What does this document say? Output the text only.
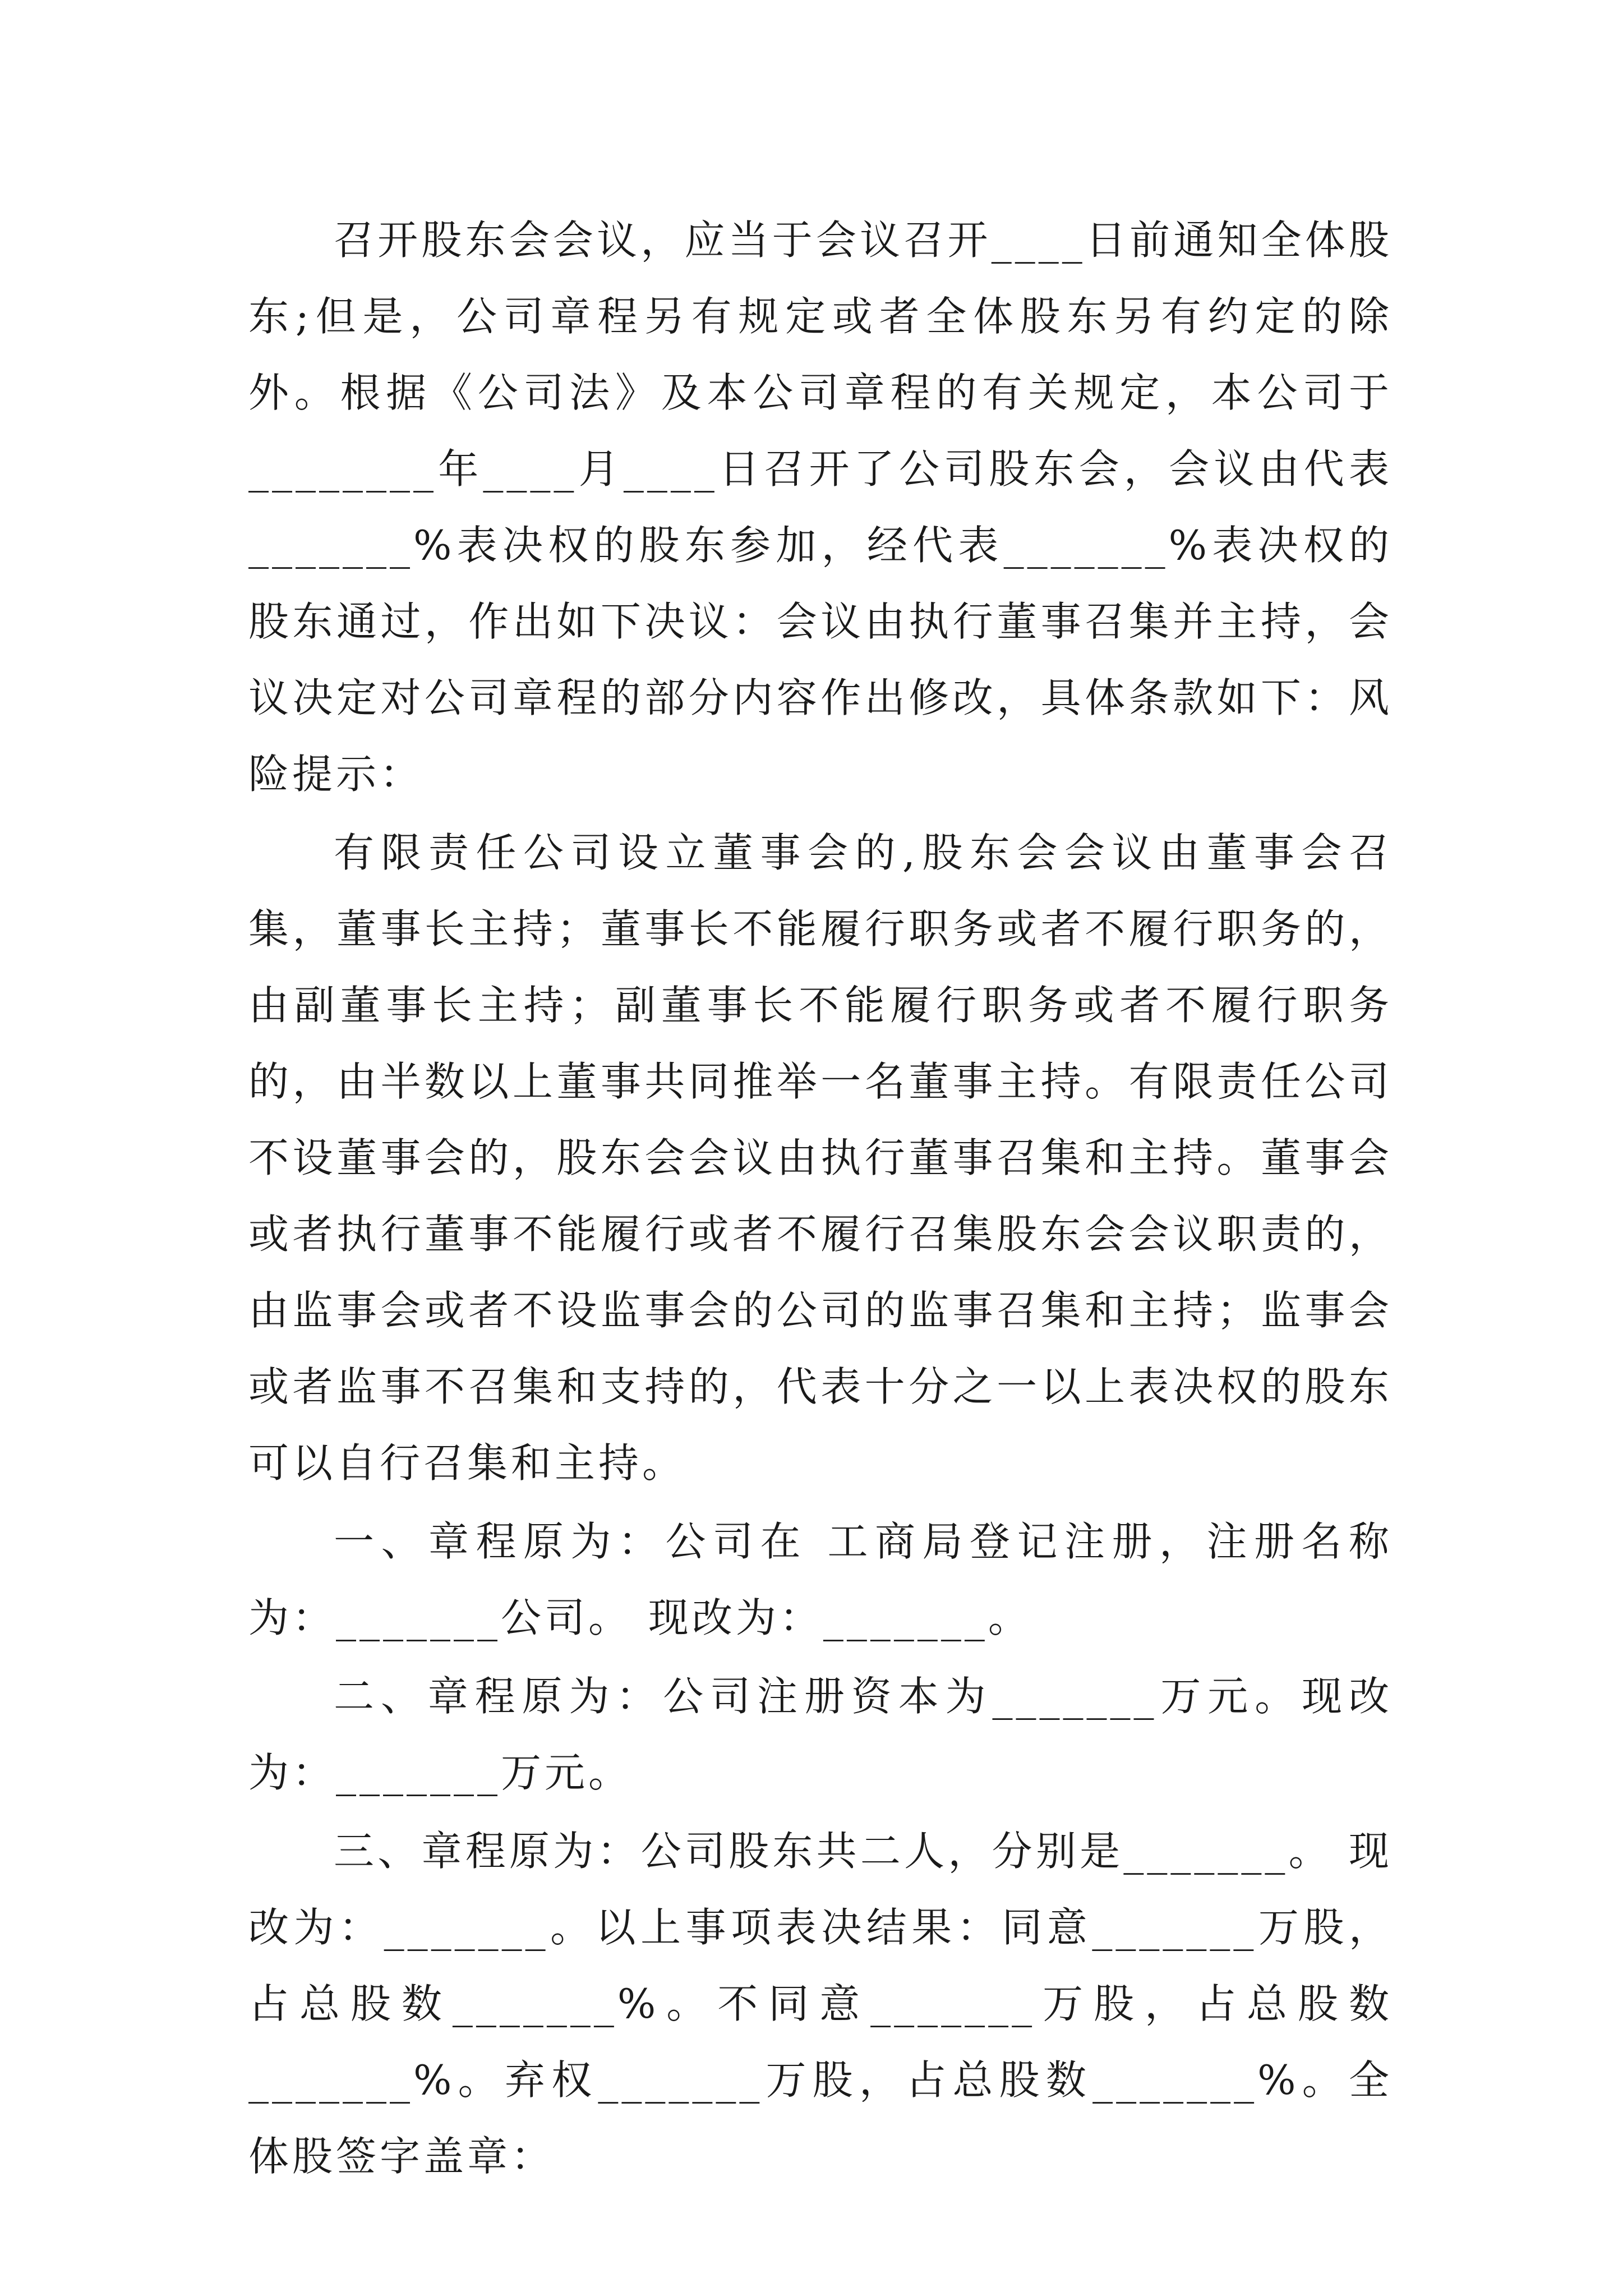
召开股东会会议，应当于会议召开____日前通知全体股东;但是，公司章程另有规定或者全体股东另有约定的除外。根据《公司法》及本公司章程的有关规定，本公司于________年____月____日召开了公司股东会，会议由代表_______%表决权的股东参加，经代表_______%表决权的股东通过，作出如下决议：会议由执行董事召集并主持，会议决定对公司章程的部分内容作出修改，具体条款如下：风险提示：

有限责任公司设立董事会的,股东会会议由董事会召集，董事长主持；董事长不能履行职务或者不履行职务的，由副董事长主持；副董事长不能履行职务或者不履行职务的，由半数以上董事共同推举一名董事主持。有限责任公司不设董事会的，股东会会议由执行董事召集和主持。董事会或者执行董事不能履行或者不履行召集股东会会议职责的，由监事会或者不设监事会的公司的监事召集和主持；监事会或者监事不召集和支持的，代表十分之一以上表决权的股东可以自行召集和主持。

一、章程原为：公司在 工商局登记注册，注册名称为：_______公司。 现改为：_______。

二、章程原为：公司注册资本为_______万元。现改为：_______万元。

三、章程原为：公司股东共二人，分别是_______。 现改为：_______。以上事项表决结果：同意_______万股，占总股数_______%。不同意_______万股，占总股数_______%。弃权_______万股，占总股数_______%。全体股签字盖章：
